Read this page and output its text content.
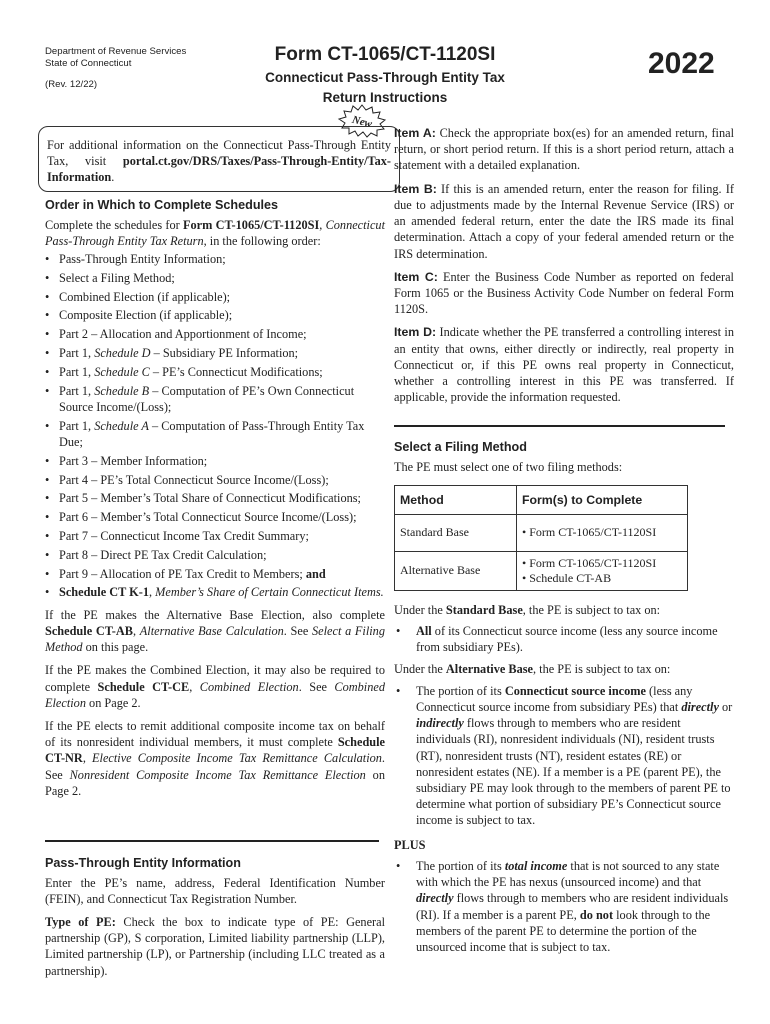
Department of Revenue Services
State of Connecticut
(Rev. 12/22)
Form CT-1065/CT-1120SI
Connecticut Pass-Through Entity Tax
Return Instructions
2022
New

For additional information on the Connecticut Pass-Through Entity Tax, visit portal.ct.gov/DRS/Taxes/Pass-Through-Entity/Tax-Information.

Order in Which to Complete Schedules

Complete the schedules for Form CT-1065/CT-1120SI, Connecticut Pass-Through Entity Tax Return, in the following order:

• Pass-Through Entity Information;
• Select a Filing Method;
• Combined Election (if applicable);
• Composite Election (if applicable);
• Part 2 – Allocation and Apportionment of Income;
• Part 1, Schedule D – Subsidiary PE Information;
• Part 1, Schedule C – PE’s Connecticut Modifications;
• Part 1, Schedule B – Computation of PE’s Own Connecticut Source Income/(Loss);
• Part 1, Schedule A – Computation of Pass-Through Entity Tax Due;
• Part 3 – Member Information;
• Part 4 – PE’s Total Connecticut Source Income/(Loss);
• Part 5 – Member’s Total Share of Connecticut Modifications;
• Part 6 – Member’s Total Connecticut Source Income/(Loss);
• Part 7 – Connecticut Income Tax Credit Summary;
• Part 8 – Direct PE Tax Credit Calculation;
• Part 9 – Allocation of PE Tax Credit to Members; and
• Schedule CT K-1, Member’s Share of Certain Connecticut Items.

If the PE makes the Alternative Base Election, also complete Schedule CT-AB, Alternative Base Calculation. See Select a Filing Method on this page.

If the PE makes the Combined Election, it may also be required to complete Schedule CT-CE, Combined Election. See Combined Election on Page 2.

If the PE elects to remit additional composite income tax on behalf of its nonresident individual members, it must complete Schedule CT-NR, Elective Composite Income Tax Remittance Calculation. See Nonresident Composite Income Tax Remittance Election on Page 2.

Pass-Through Entity Information

Enter the PE’s name, address, Federal Identification Number (FEIN), and Connecticut Tax Registration Number.

Type of PE: Check the box to indicate type of PE: General partnership (GP), S corporation, Limited liability partnership (LLP), Limited partnership (LP), or Partnership (including LLC treated as a partnership).

Item A: Check the appropriate box(es) for an amended return, final return, or short period return. If this is a short period return, attach a statement with a detailed explanation.

Item B: If this is an amended return, enter the reason for filing. If due to adjustments made by the Internal Revenue Service (IRS) or an amended federal return, enter the date the IRS made its final determination. Attach a copy of your federal amended return or the IRS determination.

Item C: Enter the Business Code Number as reported on federal Form 1065 or the Business Activity Code Number on federal Form 1120S.

Item D: Indicate whether the PE transferred a controlling interest in an entity that owns, either directly or indirectly, real property in Connecticut or, if this PE owns real property in Connecticut, whether a controlling interest in this PE was transferred. If applicable, provide the information requested.

Select a Filing Method

The PE must select one of two filing methods:

Method	Form(s) to Complete
Standard Base	• Form CT-1065/CT-1120SI
Alternative Base	• Form CT-1065/CT-1120SI
• Schedule CT-AB

Under the Standard Base, the PE is subject to tax on:

• All of its Connecticut source income (less any source income from subsidiary PEs).

Under the Alternative Base, the PE is subject to tax on:

• The portion of its Connecticut source income (less any Connecticut source income from subsidiary PEs) that directly or indirectly flows through to members who are resident individuals (RI), nonresident individuals (NI), resident trusts (RT), nonresident trusts (NT), resident estates (RE) or nonresident estates (NE). If a member is a PE (parent PE), the subsidiary PE may look through to the members of parent PE to determine what portion of subsidiary PE’s Connecticut source income is subject to tax.

PLUS

• The portion of its total income that is not sourced to any state with which the PE has nexus (unsourced income) and that directly flows through to members who are resident individuals (RI). If a member is a parent PE, do not look through to the members of the parent PE to determine the portion of the unsourced income that is subject to tax.
